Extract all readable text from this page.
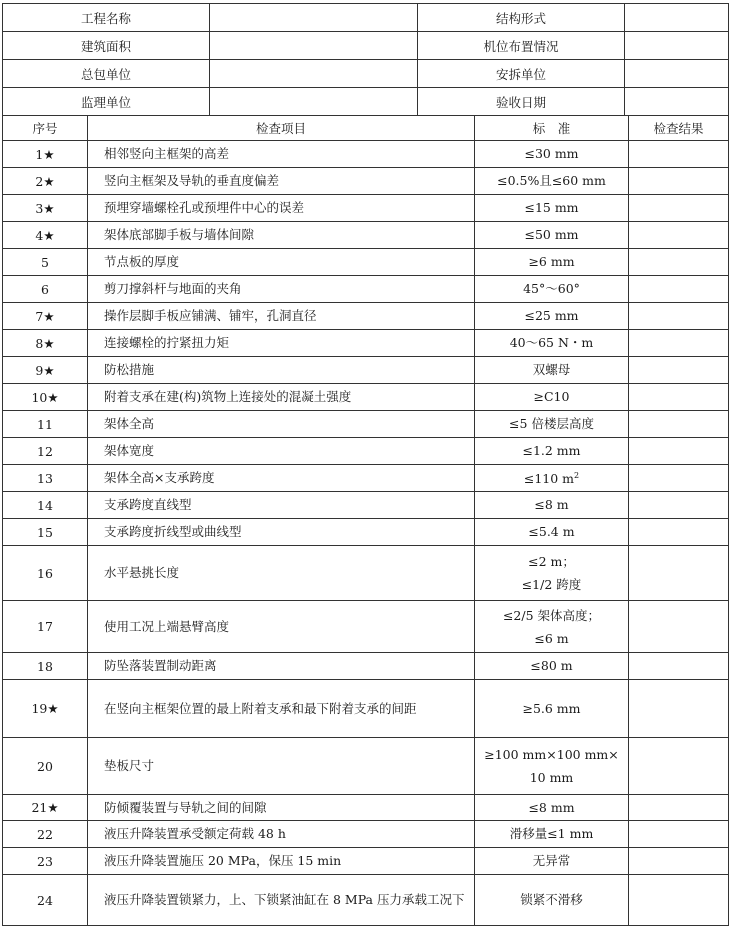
工程名称		结构形式	
建筑面积		机位布置情况	
总包单位		安拆单位	
监理单位		验收日期	
序号	检查项目	标　准	检查结果
1★	相邻竖向主框架的高差	≤30 mm	
2★	竖向主框架及导轨的垂直度偏差	≤0.5%且≤60 mm	
3★	预埋穿墙螺栓孔或预埋件中心的误差	≤15 mm	
4★	架体底部脚手板与墙体间隙	≤50 mm	
5	节点板的厚度	≥6 mm	
6	剪刀撑斜杆与地面的夹角	45°～60°	
7★	操作层脚手板应铺满、铺牢，孔洞直径	≤25 mm	
8★	连接螺栓的拧紧扭力矩	40～65 N・m	
9★	防松措施	双螺母	
10★	附着支承在建(构)筑物上连接处的混凝土强度	≥C10	
11	架体全高	≤5 倍楼层高度	
12	架体宽度	≤1.2 mm	
13	架体全高×支承跨度	≤110 $m^2$	
14	支承跨度直线型	≤8 m	
15	支承跨度折线型或曲线型	≤5.4 m	
16	水平悬挑长度	≤2 m；
≤1/2 跨度	

17	使用工况上端悬臂高度	≤2/5 架体高度；
≤6 m	

18	防坠落装置制动距离	≤80 m	
19★	在竖向主框架位置的最上附着支承和最下附着支承的间距	≥5.6 mm	
20	垫板尺寸	≥100 mm×100 mm×
10 mm	

21★	防倾覆装置与导轨之间的间隙	≤8 mm	
22	液压升降装置承受额定荷载 48 h	滑移量≤1 mm	
23	液压升降装置施压 20 MPa，保压 15 min	无异常	
24	液压升降装置锁紧力，上、下锁紧油缸在 8 MPa 压力承载工况下	锁紧不滑移	
